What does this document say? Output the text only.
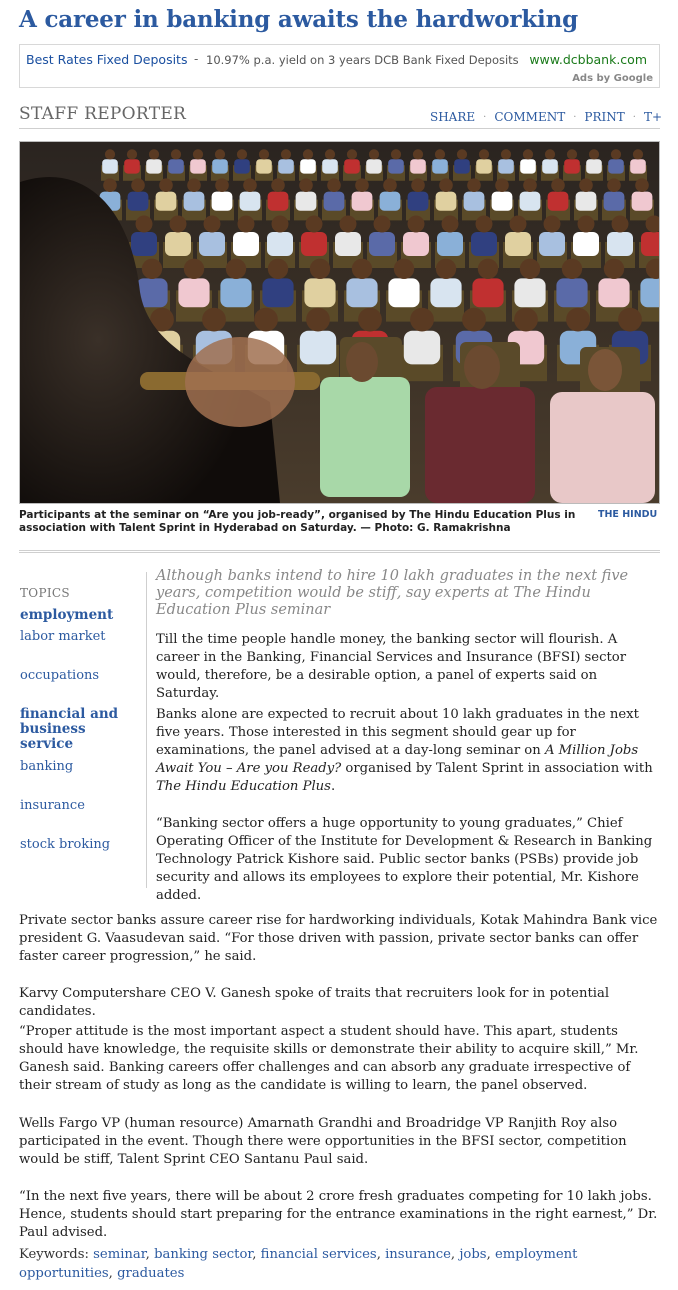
A career in banking awaits the hardworking
Best Rates Fixed Deposits - 10.97% p.a. yield on 3 years DCB Bank Fixed Deposits www.dcbbank.com
Ads by Google
STAFF REPORTER	SHARE · COMMENT · PRINT · T+
Participants at the seminar on “Are you job-ready”, organised by The Hindu Education Plus in association with Talent Sprint in Hyderabad on Saturday. — Photo: G. Ramakrishna
THE HINDU
TOPICS
employment
labor market
occupations
financial and business service
banking
insurance
stock broking
Although banks intend to hire 10 lakh graduates in the next five years, competition would be stiff, say experts at The Hindu Education Plus seminar
Till the time people handle money, the banking sector will flourish. A career in the Banking, Financial Services and Insurance (BFSI) sector would, therefore, be a desirable option, a panel of experts said on Saturday.
Banks alone are expected to recruit about 10 lakh graduates in the next five years. Those interested in this segment should gear up for examinations, the panel advised at a day-long seminar on A Million Jobs Await You – Are you Ready? organised by Talent Sprint in association with The Hindu Education Plus.
“Banking sector offers a huge opportunity to young graduates,” Chief Operating Officer of the Institute for Development & Research in Banking Technology Patrick Kishore said. Public sector banks (PSBs) provide job security and allows its employees to explore their potential, Mr. Kishore added.
Private sector banks assure career rise for hardworking individuals, Kotak Mahindra Bank vice president G. Vaasudevan said. “For those driven with passion, private sector banks can offer faster career progression,” he said.
Karvy Computershare CEO V. Ganesh spoke of traits that recruiters look for in potential candidates.
“Proper attitude is the most important aspect a student should have. This apart, students should have knowledge, the requisite skills or demonstrate their ability to acquire skill,” Mr. Ganesh said. Banking careers offer challenges and can absorb any graduate irrespective of their stream of study as long as the candidate is willing to learn, the panel observed.
Wells Fargo VP (human resource) Amarnath Grandhi and Broadridge VP Ranjith Roy also participated in the event. Though there were opportunities in the BFSI sector, competition would be stiff, Talent Sprint CEO Santanu Paul said.
“In the next five years, there will be about 2 crore fresh graduates competing for 10 lakh jobs. Hence, students should start preparing for the entrance examinations in the right earnest,” Dr. Paul advised.
Keywords: seminar, banking sector, financial services, insurance, jobs, employment opportunities, graduates
